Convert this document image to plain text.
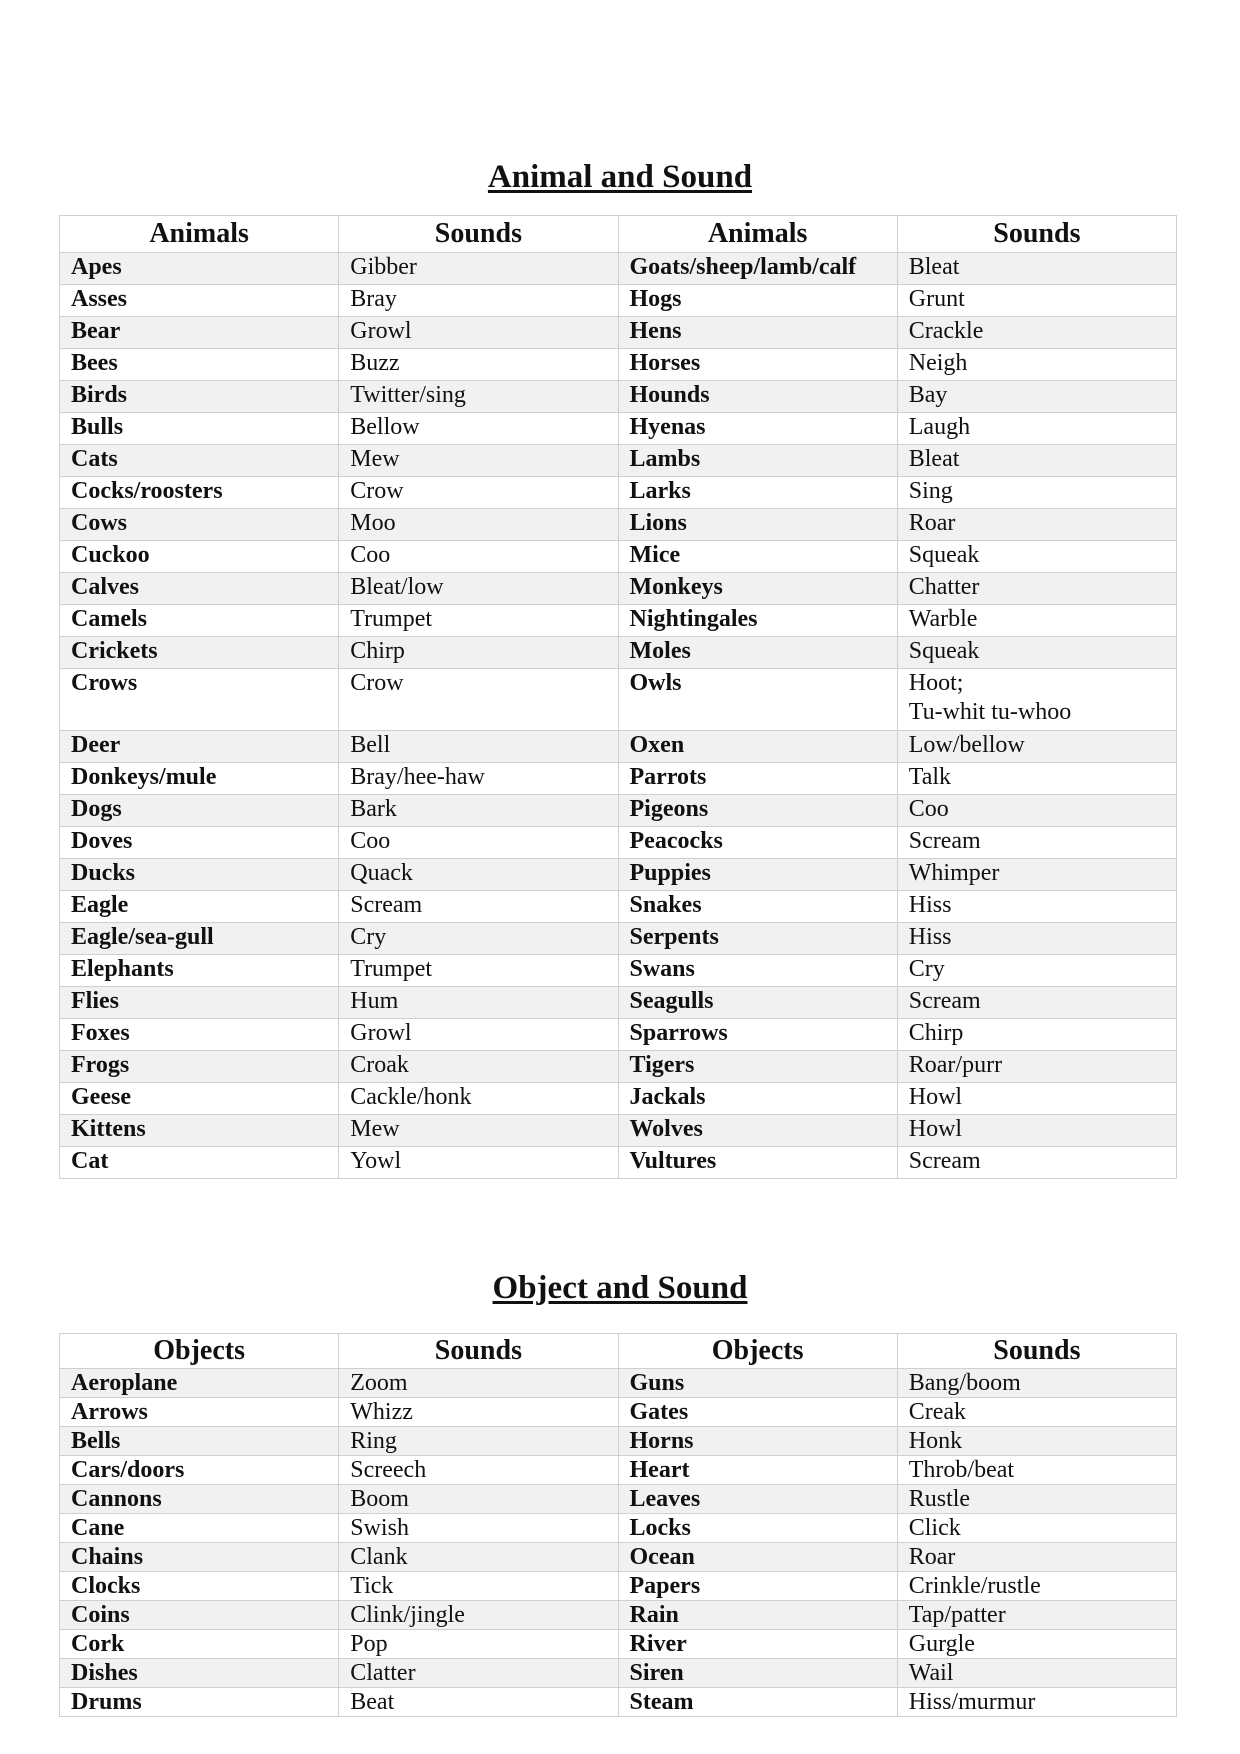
Animal and Sound
Animals	Sounds	Animals	Sounds
Apes	Gibber	Goats/sheep/lamb/calf	Bleat
Asses	Bray	Hogs	Grunt
Bear	Growl	Hens	Crackle
Bees	Buzz	Horses	Neigh
Birds	Twitter/sing	Hounds	Bay
Bulls	Bellow	Hyenas	Laugh
Cats	Mew	Lambs	Bleat
Cocks/roosters	Crow	Larks	Sing
Cows	Moo	Lions	Roar
Cuckoo	Coo	Mice	Squeak
Calves	Bleat/low	Monkeys	Chatter
Camels	Trumpet	Nightingales	Warble
Crickets	Chirp	Moles	Squeak
Crows	Crow	Owls	Hoot;
Tu-whit tu-whoo
Deer	Bell	Oxen	Low/bellow
Donkeys/mule	Bray/hee-haw	Parrots	Talk
Dogs	Bark	Pigeons	Coo
Doves	Coo	Peacocks	Scream
Ducks	Quack	Puppies	Whimper
Eagle	Scream	Snakes	Hiss
Eagle/sea-gull	Cry	Serpents	Hiss
Elephants	Trumpet	Swans	Cry
Flies	Hum	Seagulls	Scream
Foxes	Growl	Sparrows	Chirp
Frogs	Croak	Tigers	Roar/purr
Geese	Cackle/honk	Jackals	Howl
Kittens	Mew	Wolves	Howl
Cat	Yowl	Vultures	Scream
Object and Sound
Objects	Sounds	Objects	Sounds
Aeroplane	Zoom	Guns	Bang/boom
Arrows	Whizz	Gates	Creak
Bells	Ring	Horns	Honk
Cars/doors	Screech	Heart	Throb/beat
Cannons	Boom	Leaves	Rustle
Cane	Swish	Locks	Click
Chains	Clank	Ocean	Roar
Clocks	Tick	Papers	Crinkle/rustle
Coins	Clink/jingle	Rain	Tap/patter
Cork	Pop	River	Gurgle
Dishes	Clatter	Siren	Wail
Drums	Beat	Steam	Hiss/murmur
